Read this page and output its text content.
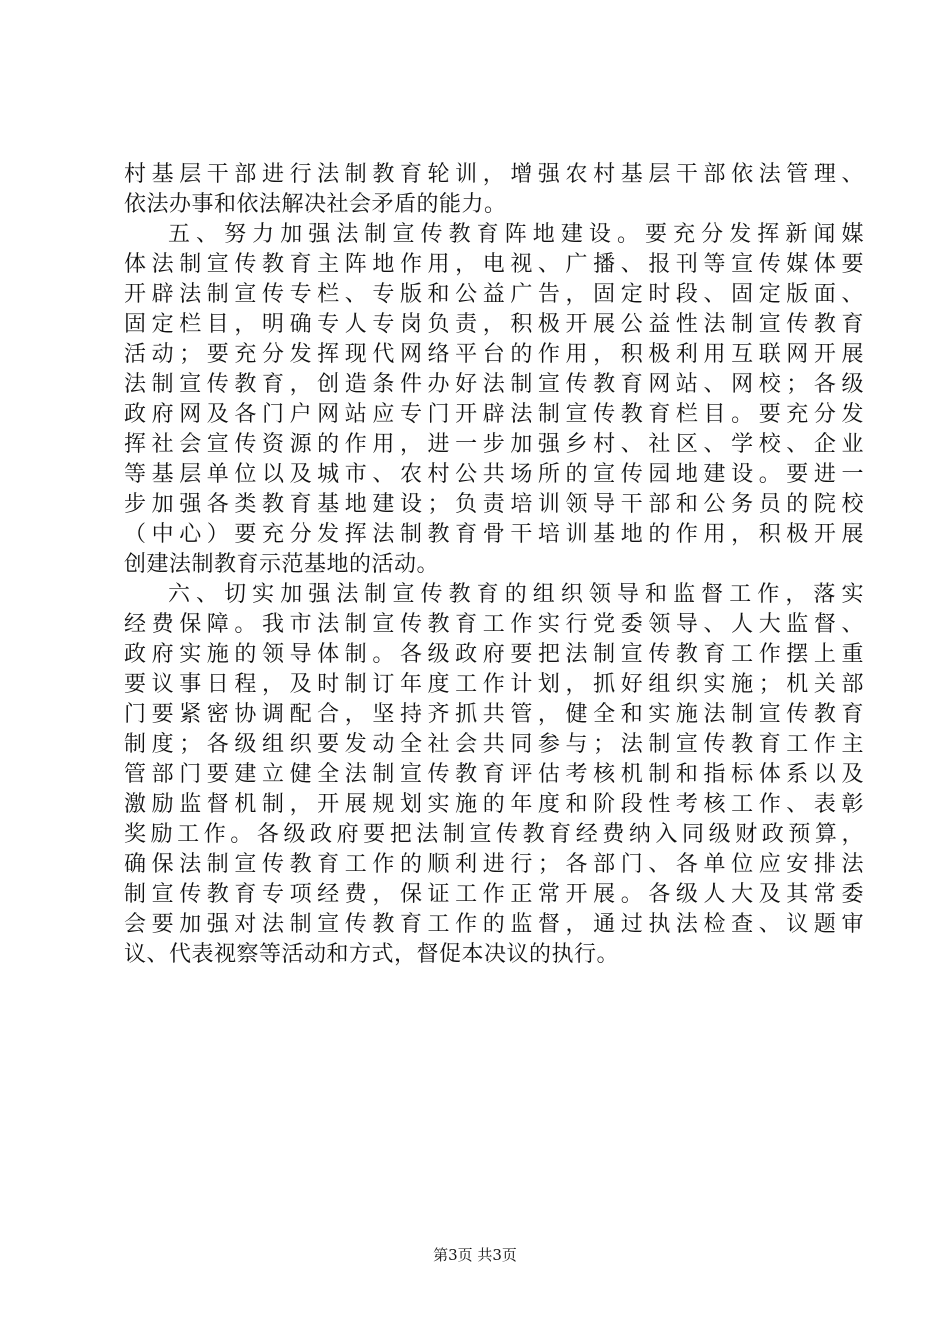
村基层干部进行法制教育轮训，增强农村基层干部依法管理、
依法办事和依法解决社会矛盾的能力。
五、努力加强法制宣传教育阵地建设。要充分发挥新闻媒
体法制宣传教育主阵地作用，电视、广播、报刊等宣传媒体要
开辟法制宣传专栏、专版和公益广告，固定时段、固定版面、
固定栏目，明确专人专岗负责，积极开展公益性法制宣传教育
活动；要充分发挥现代网络平台的作用，积极利用互联网开展
法制宣传教育，创造条件办好法制宣传教育网站、网校；各级
政府网及各门户网站应专门开辟法制宣传教育栏目。要充分发
挥社会宣传资源的作用，进一步加强乡村、社区、学校、企业
等基层单位以及城市、农村公共场所的宣传园地建设。要进一
步加强各类教育基地建设；负责培训领导干部和公务员的院校
（中心）要充分发挥法制教育骨干培训基地的作用，积极开展
创建法制教育示范基地的活动。
六、切实加强法制宣传教育的组织领导和监督工作，落实
经费保障。我市法制宣传教育工作实行党委领导、人大监督、
政府实施的领导体制。各级政府要把法制宣传教育工作摆上重
要议事日程，及时制订年度工作计划，抓好组织实施；机关部
门要紧密协调配合，坚持齐抓共管，健全和实施法制宣传教育
制度；各级组织要发动全社会共同参与；法制宣传教育工作主
管部门要建立健全法制宣传教育评估考核机制和指标体系以及
激励监督机制，开展规划实施的年度和阶段性考核工作、表彰
奖励工作。各级政府要把法制宣传教育经费纳入同级财政预算，
确保法制宣传教育工作的顺利进行；各部门、各单位应安排法
制宣传教育专项经费，保证工作正常开展。各级人大及其常委
会要加强对法制宣传教育工作的监督，通过执法检查、议题审
议、代表视察等活动和方式，督促本决议的执行。
第3页 共3页
